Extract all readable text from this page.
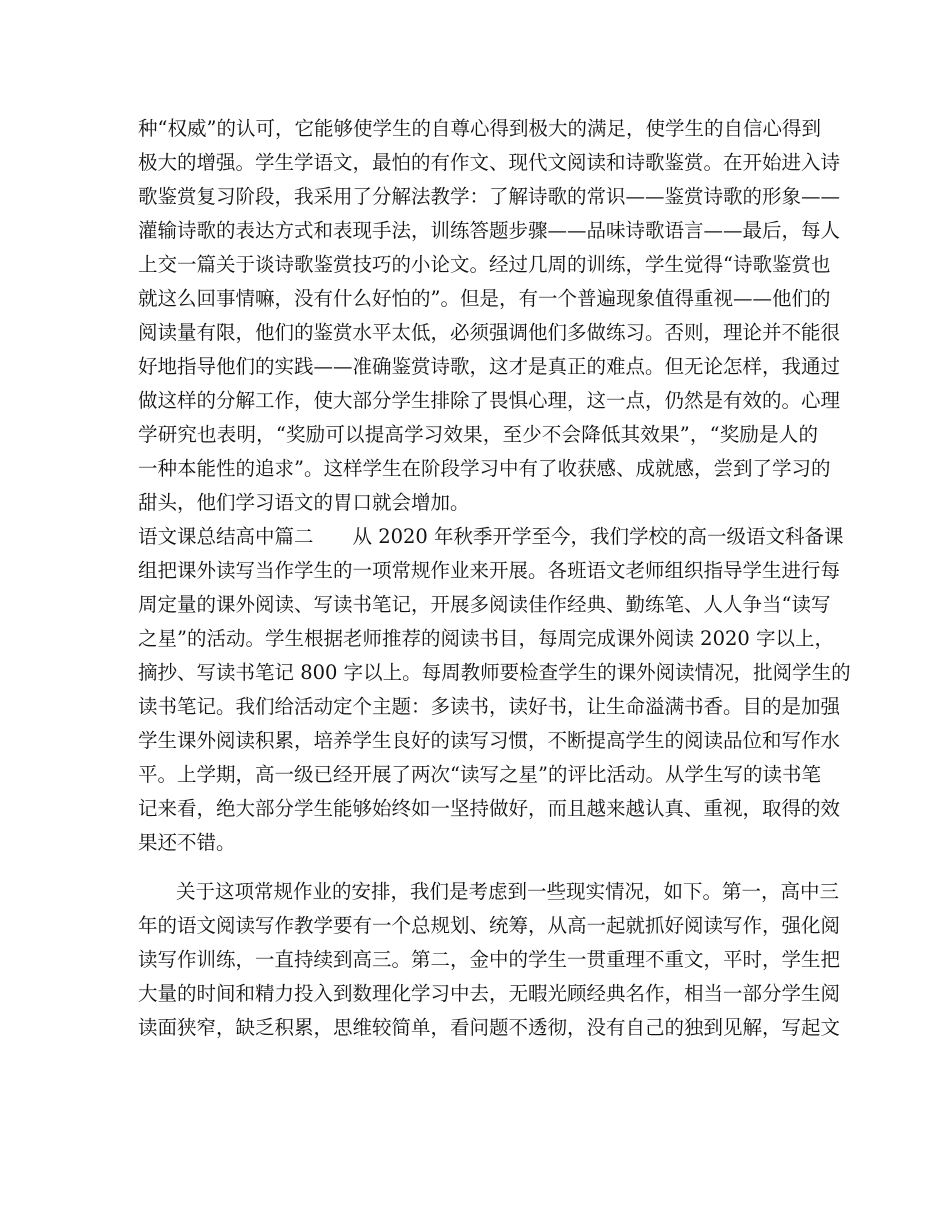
种“权威”的认可，它能够使学生的自尊心得到极大的满足，使学生的自信心得到
极大的增强。学生学语文，最怕的有作文、现代文阅读和诗歌鉴赏。在开始进入诗
歌鉴赏复习阶段，我采用了分解法教学：了解诗歌的常识——鉴赏诗歌的形象——
灌输诗歌的表达方式和表现手法，训练答题步骤——品味诗歌语言——最后，每人
上交一篇关于谈诗歌鉴赏技巧的小论文。经过几周的训练，学生觉得“诗歌鉴赏也
就这么回事情嘛，没有什么好怕的”。但是，有一个普遍现象值得重视——他们的
阅读量有限，他们的鉴赏水平太低，必须强调他们多做练习。否则，理论并不能很
好地指导他们的实践——准确鉴赏诗歌，这才是真正的难点。但无论怎样，我通过
做这样的分解工作，使大部分学生排除了畏惧心理，这一点，仍然是有效的。心理
学研究也表明，“奖励可以提高学习效果，至少不会降低其效果”，“奖励是人的
一种本能性的追求”。这样学生在阶段学习中有了收获感、成就感，尝到了学习的
甜头，他们学习语文的胃口就会增加。
语文课总结高中篇二　　从 2020 年秋季开学至今，我们学校的高一级语文科备课
组把课外读写当作学生的一项常规作业来开展。各班语文老师组织指导学生进行每
周定量的课外阅读、写读书笔记，开展多阅读佳作经典、勤练笔、人人争当“读写
之星”的活动。学生根据老师推荐的阅读书目，每周完成课外阅读 2020 字以上，
摘抄、写读书笔记 800 字以上。每周教师要检查学生的课外阅读情况，批阅学生的
读书笔记。我们给活动定个主题：多读书，读好书，让生命溢满书香。目的是加强
学生课外阅读积累，培养学生良好的读写习惯，不断提高学生的阅读品位和写作水
平。上学期，高一级已经开展了两次“读写之星”的评比活动。从学生写的读书笔
记来看，绝大部分学生能够始终如一坚持做好，而且越来越认真、重视，取得的效
果还不错。
关于这项常规作业的安排，我们是考虑到一些现实情况，如下。第一，高中三
年的语文阅读写作教学要有一个总规划、统筹，从高一起就抓好阅读写作，强化阅
读写作训练，一直持续到高三。第二，金中的学生一贯重理不重文，平时，学生把
大量的时间和精力投入到数理化学习中去，无暇光顾经典名作，相当一部分学生阅
读面狭窄，缺乏积累，思维较简单，看问题不透彻，没有自己的独到见解，写起文
